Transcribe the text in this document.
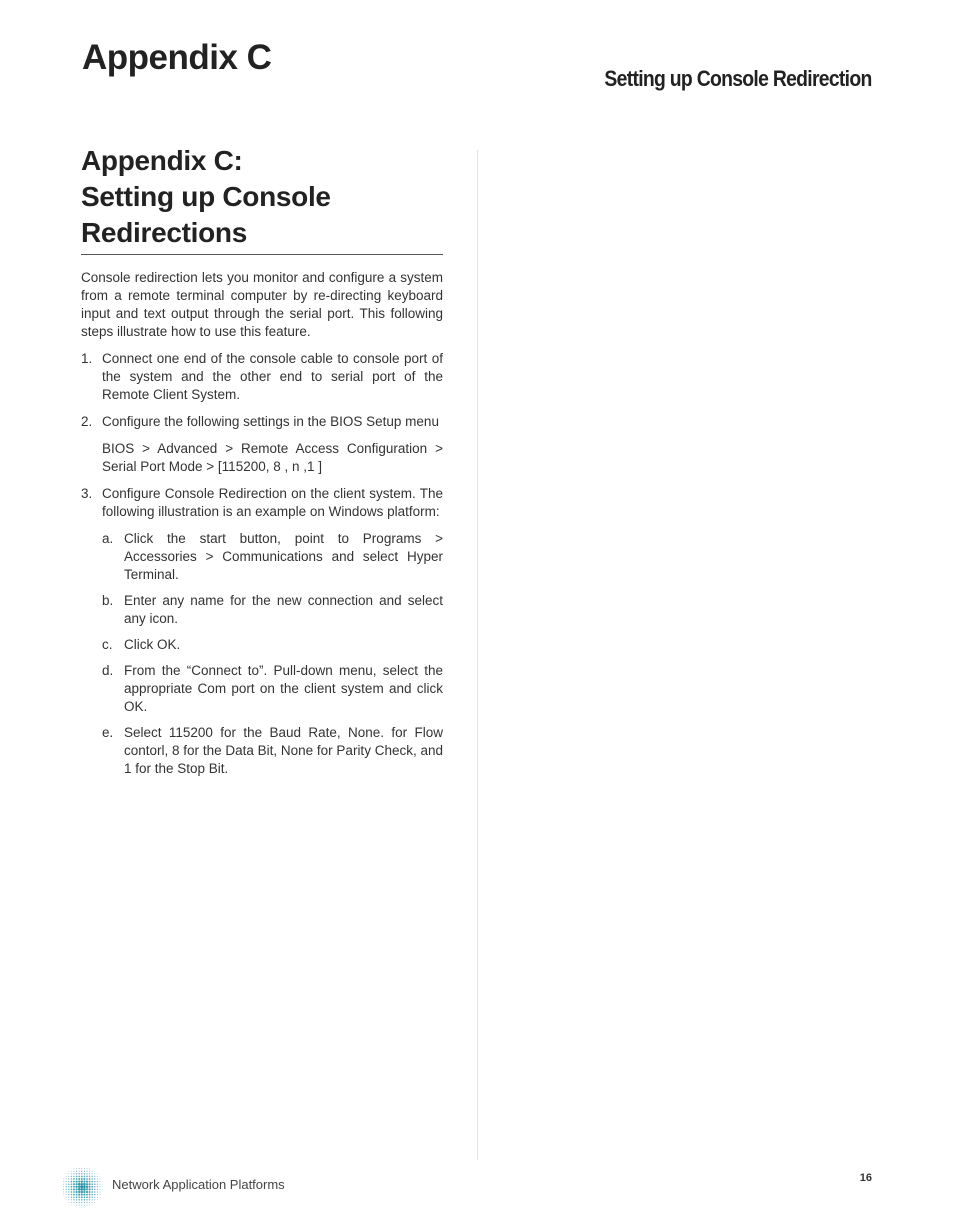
Appendix C
Setting up Console Redirection
Appendix C:
Setting up Console
Redirections

Console redirection lets you monitor and configure a system from a remote terminal computer by re-directing keyboard input and text output through the serial port. This following steps illustrate how to use this feature.

1. Connect one end of the console cable to console port of the system and the other end to serial port of the Remote Client System.
2. Configure the following settings in the BIOS Setup menu
BIOS > Advanced > Remote Access Configuration > Serial Port Mode > [115200, 8 , n ,1 ]
3. Configure Console Redirection on the client system. The following illustration is an example on Windows platform:
a. Click the start button, point to Programs > Accessories > Communications and select Hyper Terminal.
b. Enter any name for the new connection and select any icon.
c. Click OK.
d. From the “Connect to”. Pull-down menu, select the appropriate Com port on the client system and click OK.
e. Select 115200 for the Baud Rate, None. for Flow contorl, 8 for the Data Bit, None for Parity Check, and 1 for the Stop Bit.
Network Application Platforms	16
